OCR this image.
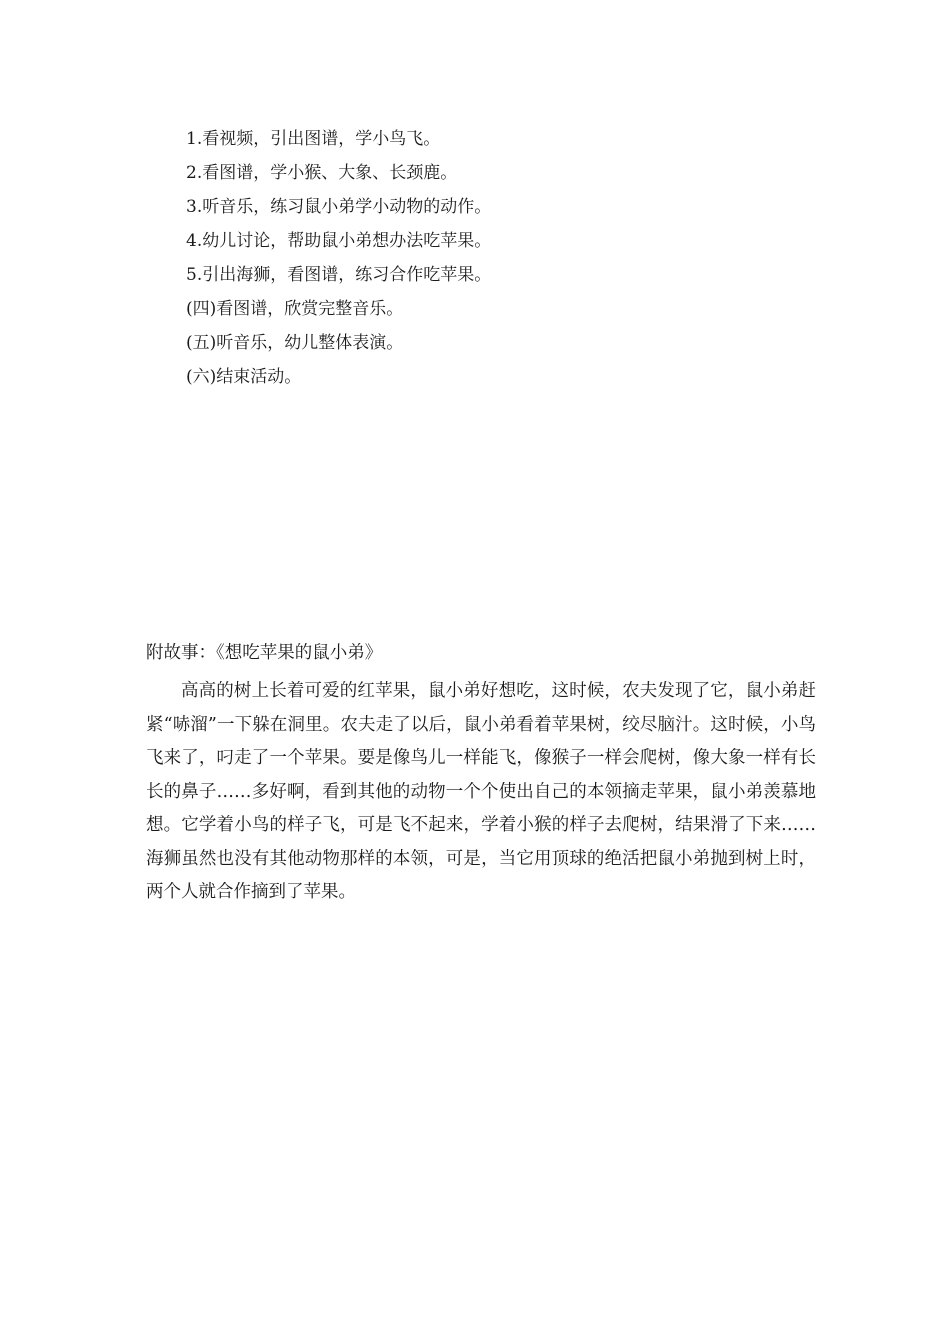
1.看视频，引出图谱，学小鸟飞。
2.看图谱，学小猴、大象、长颈鹿。
3.听音乐，练习鼠小弟学小动物的动作。
4.幼儿讨论，帮助鼠小弟想办法吃苹果。
5.引出海狮，看图谱，练习合作吃苹果。
(四)看图谱，欣赏完整音乐。
(五)听音乐，幼儿整体表演。
(六)结束活动。

附故事：《想吃苹果的鼠小弟》

高高的树上长着可爱的红苹果，鼠小弟好想吃，这时候，农夫发现了它，鼠小弟赶紧“哧溜”一下躲在洞里。农夫走了以后，鼠小弟看着苹果树，绞尽脑汁。这时候，小鸟飞来了，叼走了一个苹果。要是像鸟儿一样能飞，像猴子一样会爬树，像大象一样有长长的鼻子……多好啊，看到其他的动物一个个使出自己的本领摘走苹果，鼠小弟羡慕地想。它学着小鸟的样子飞，可是飞不起来，学着小猴的样子去爬树，结果滑了下来……海狮虽然也没有其他动物那样的本领，可是，当它用顶球的绝活把鼠小弟抛到树上时，两个人就合作摘到了苹果。
